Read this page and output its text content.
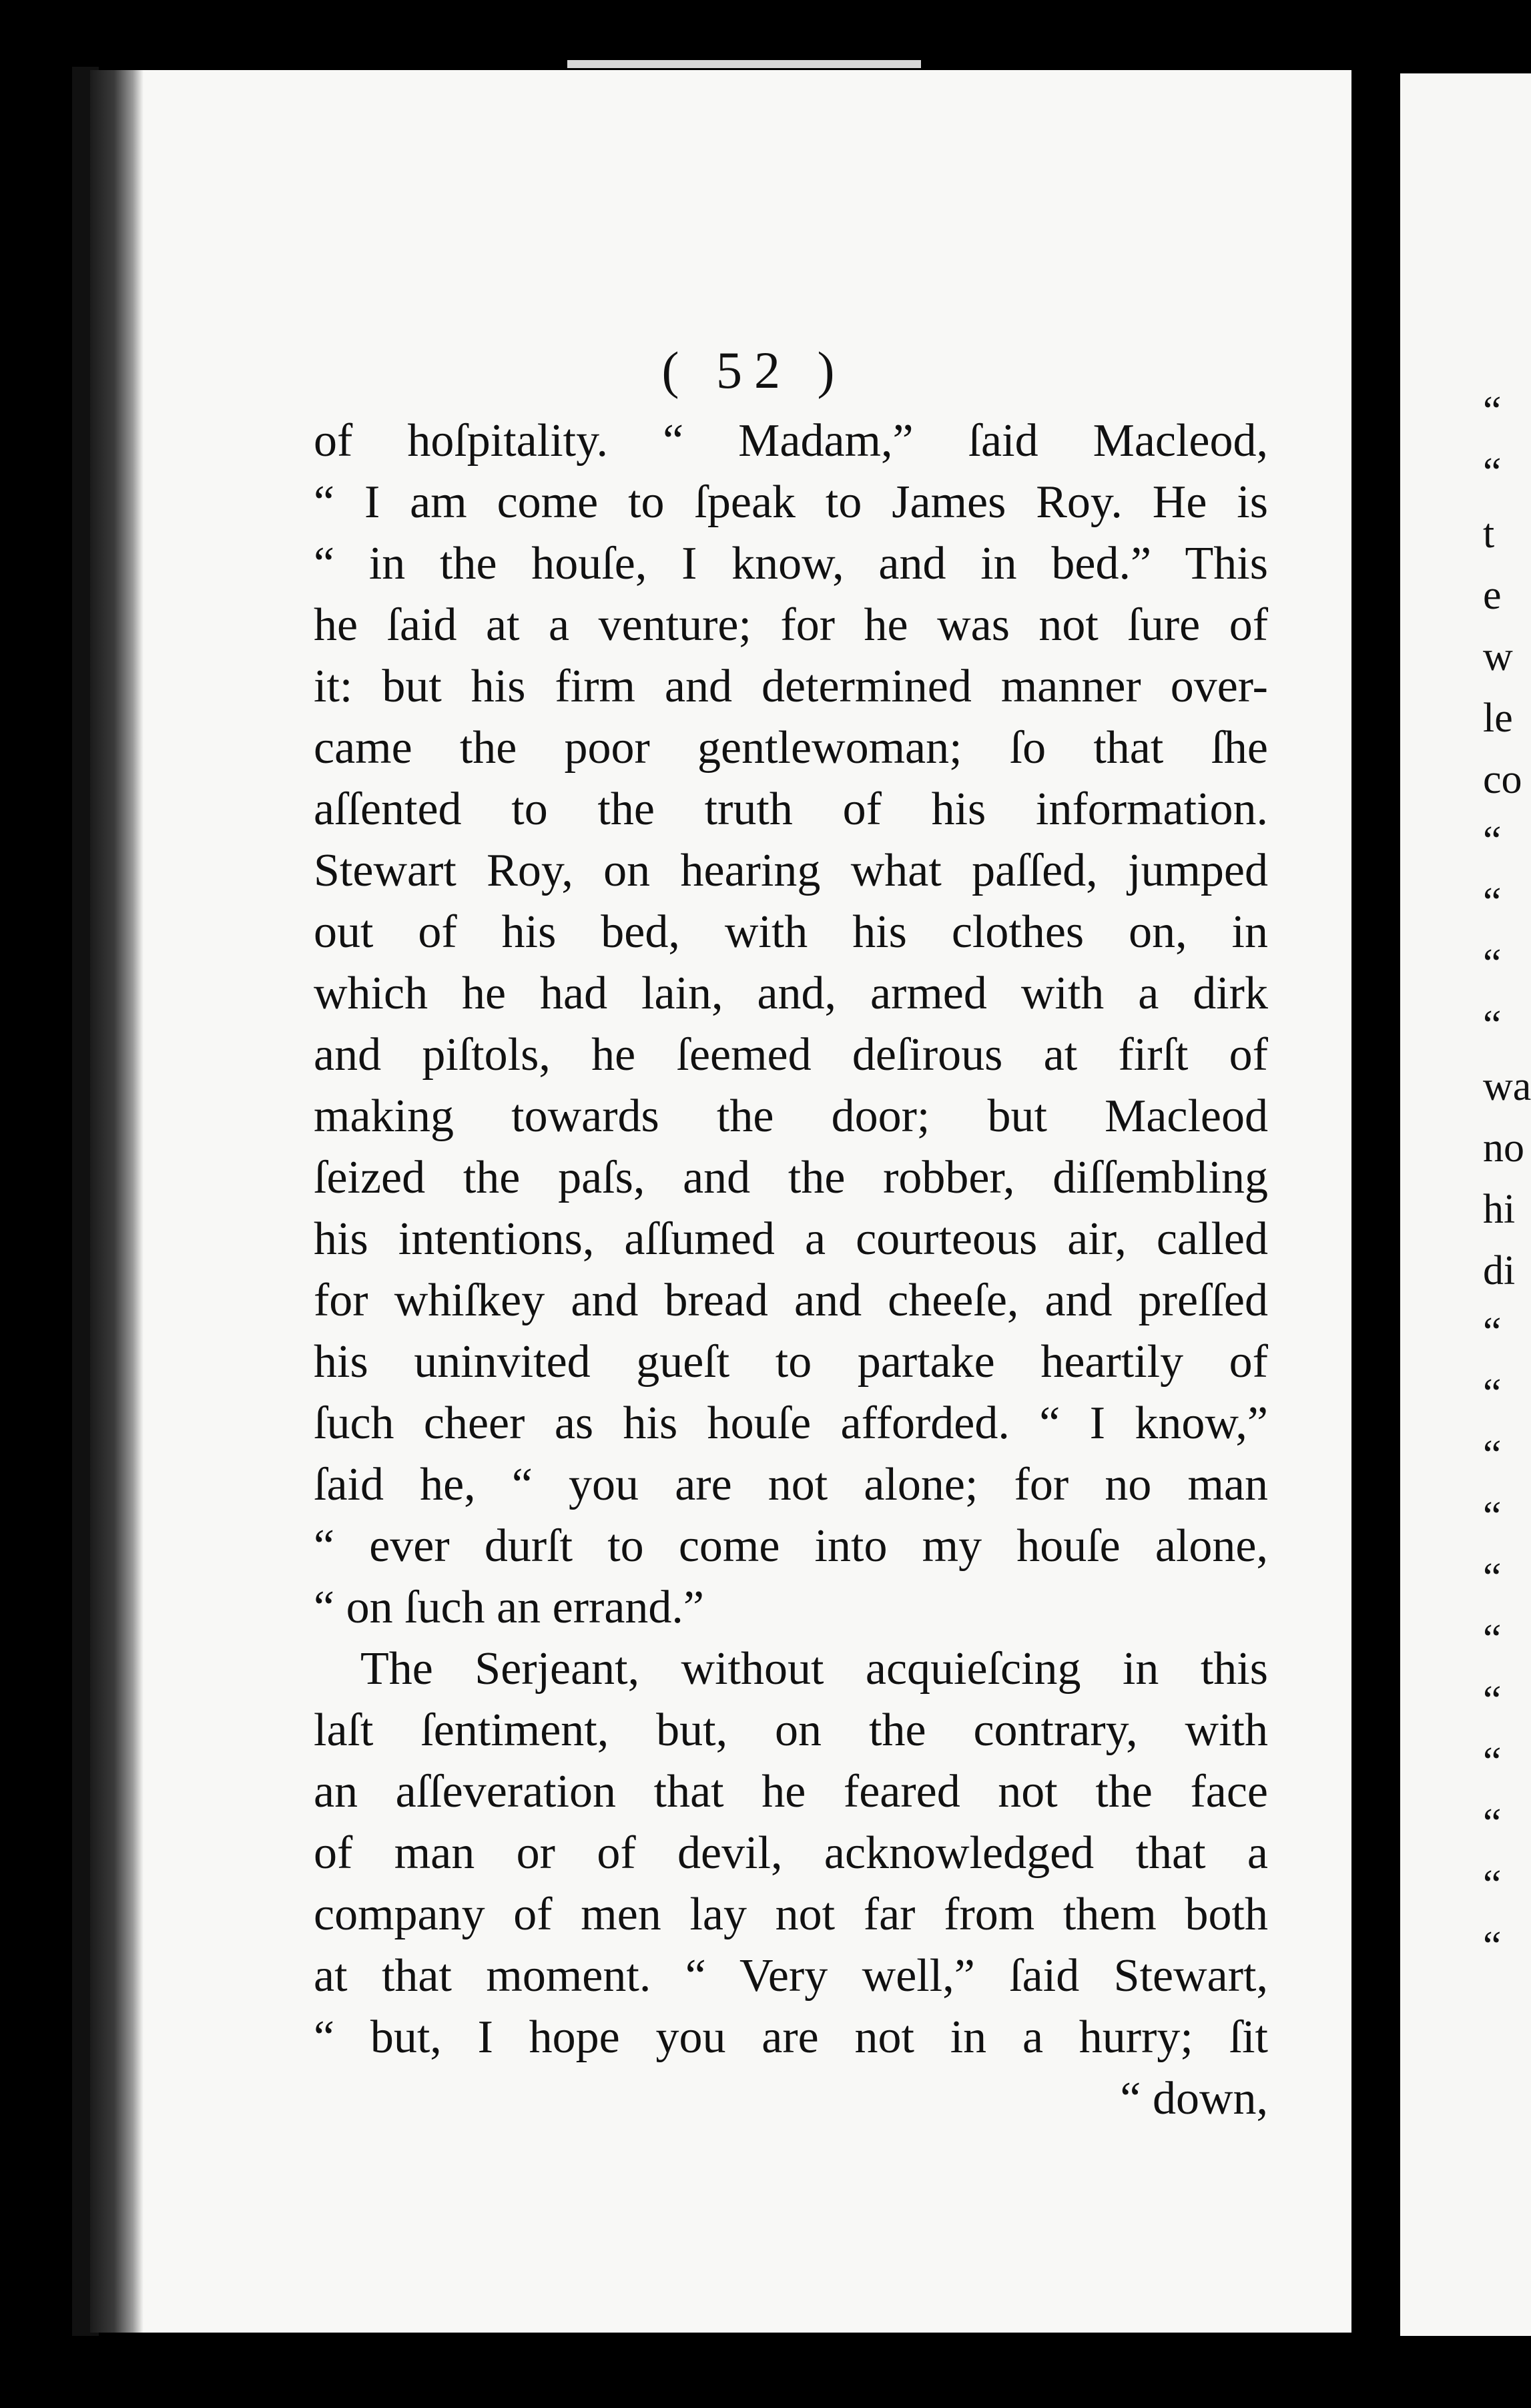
( 52 )
of hoſpitality. “ Madam,” ſaid Macleod,
“ I am come to ſpeak to James Roy. He is
“ in the houſe, I know, and in bed.” This
he ſaid at a venture; for he was not ſure of
it: but his firm and determined manner over-
came the poor gentlewoman; ſo that ſhe
aſſented to the truth of his information.
Stewart Roy, on hearing what paſſed, jumped
out of his bed, with his clothes on, in
which he had lain, and, armed with a dirk
and piſtols, he ſeemed deſirous at firſt of
making towards the door; but Macleod
ſeized the paſs, and the robber, diſſembling
his intentions, aſſumed a courteous air, called
for whiſkey and bread and cheeſe, and preſſed
his uninvited gueſt to partake heartily of
ſuch cheer as his houſe afforded. “ I know,”
ſaid he, “ you are not alone; for no man
“ ever durſt to come into my houſe alone,
“ on ſuch an errand.”
The Serjeant, without acquieſcing in this
laſt ſentiment, but, on the contrary, with
an aſſeveration that he feared not the face
of man or of devil, acknowledged that a
company of men lay not far from them both
at that moment. “ Very well,” ſaid Stewart,
“ but, I hope you are not in a hurry; ſit
“ down,
“
“
t
e
w
le
co
“
“
“
“
wa
no
hi
di
“
“
“
“
“
“
“
“
“
“
“
